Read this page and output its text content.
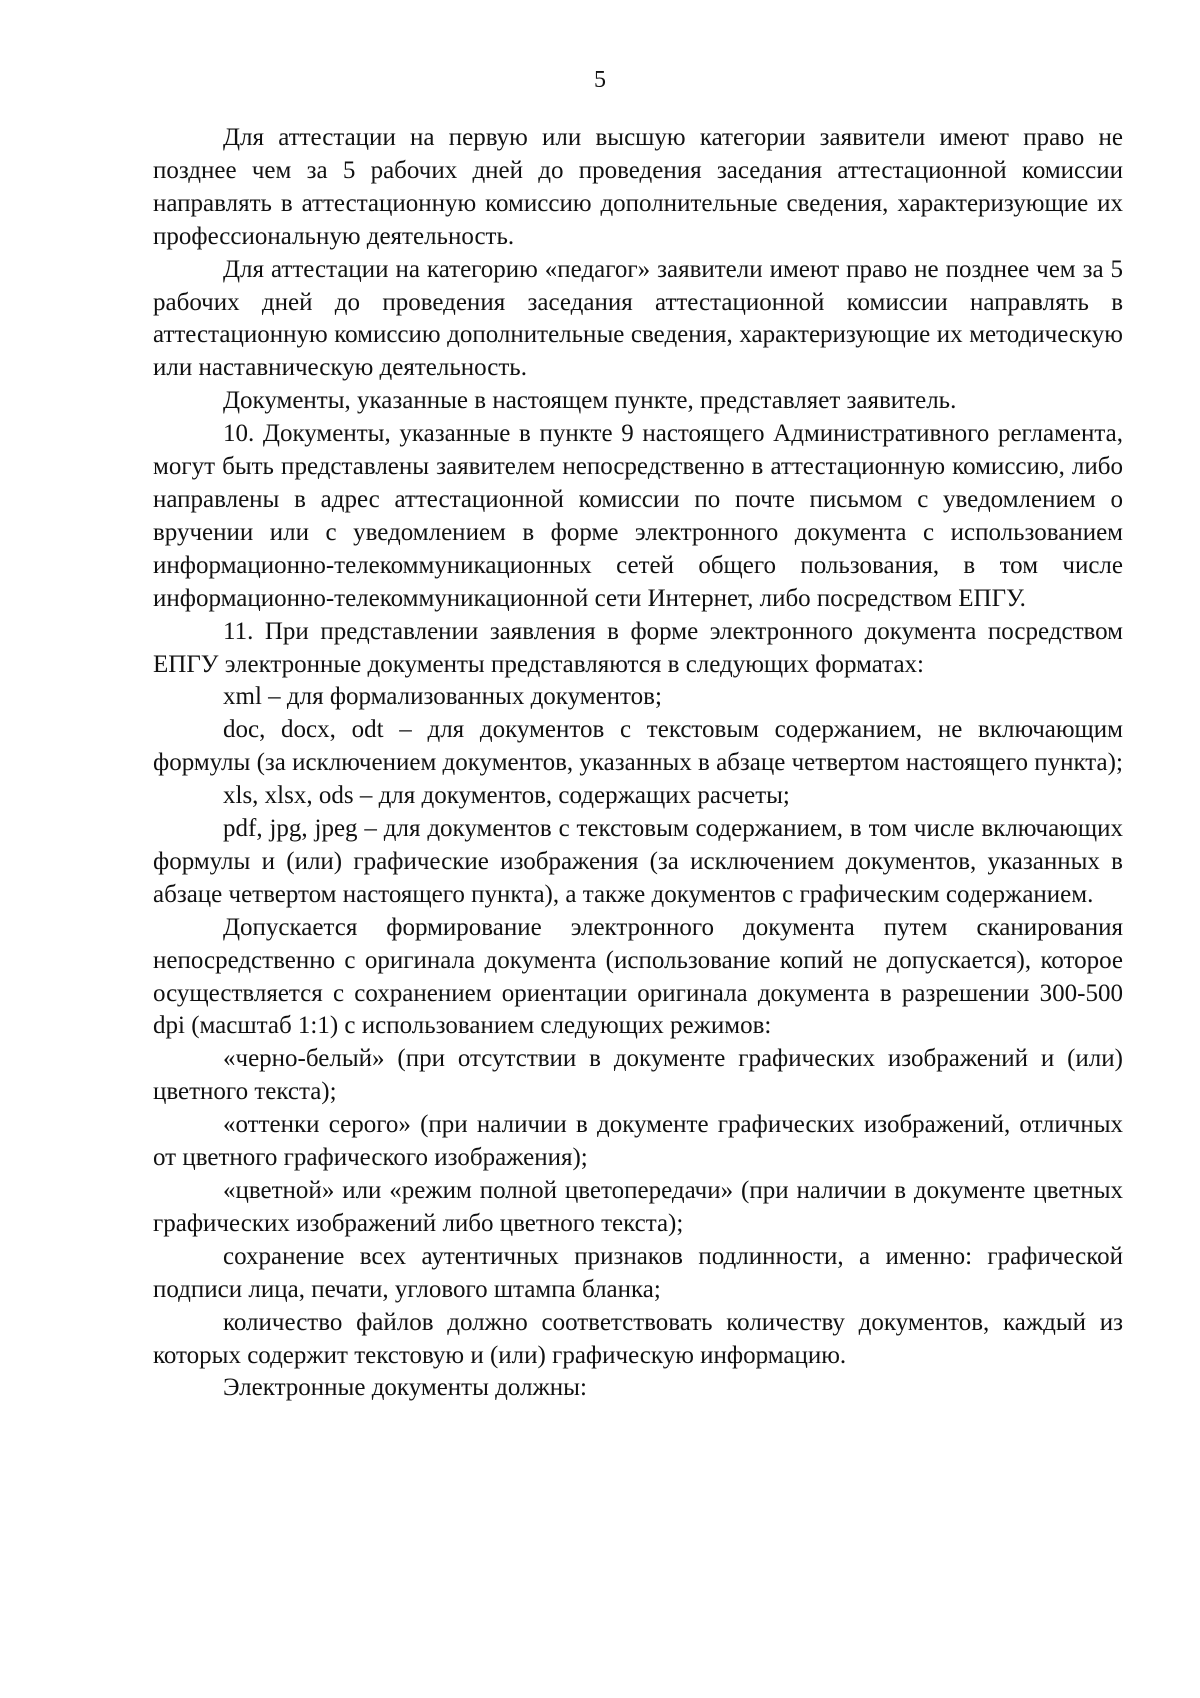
5

Для аттестации на первую или высшую категории заявители имеют право не позднее чем за 5 рабочих дней до проведения заседания аттестационной комиссии направлять в аттестационную комиссию дополнительные сведения, характеризующие их профессиональную деятельность.

Для аттестации на категорию «педагог» заявители имеют право не позднее чем за 5 рабочих дней до проведения заседания аттестационной комиссии направлять в аттестационную комиссию дополнительные сведения, характеризующие их методическую или наставническую деятельность.

Документы, указанные в настоящем пункте, представляет заявитель.

10. Документы, указанные в пункте 9 настоящего Административного регламента, могут быть представлены заявителем непосредственно в аттестационную комиссию, либо направлены в адрес аттестационной комиссии по почте письмом с уведомлением о вручении или с уведомлением в форме электронного документа с использованием информационно-телекоммуникационных сетей общего пользования, в том числе информационно-телекоммуникационной сети Интернет, либо посредством ЕПГУ.

11. При представлении заявления в форме электронного документа посредством ЕПГУ электронные документы представляются в следующих форматах:

xml – для формализованных документов;

doc, docx, odt – для документов с текстовым содержанием, не включающим формулы (за исключением документов, указанных в абзаце четвертом настоящего пункта);

xls, xlsx, ods – для документов, содержащих расчеты;

pdf, jpg, jpeg – для документов с текстовым содержанием, в том числе включающих формулы и (или) графические изображения (за исключением документов, указанных в абзаце четвертом настоящего пункта), а также документов с графическим содержанием.

Допускается формирование электронного документа путем сканирования непосредственно с оригинала документа (использование копий не допускается), которое осуществляется с сохранением ориентации оригинала документа в разрешении 300-500 dpi (масштаб 1:1) с использованием следующих режимов:

«черно-белый» (при отсутствии в документе графических изображений и (или) цветного текста);

«оттенки серого» (при наличии в документе графических изображений, отличных от цветного графического изображения);

«цветной» или «режим полной цветопередачи» (при наличии в документе цветных графических изображений либо цветного текста);

сохранение всех аутентичных признаков подлинности, а именно: графической подписи лица, печати, углового штампа бланка;

количество файлов должно соответствовать количеству документов, каждый из которых содержит текстовую и (или) графическую информацию.

Электронные документы должны:
